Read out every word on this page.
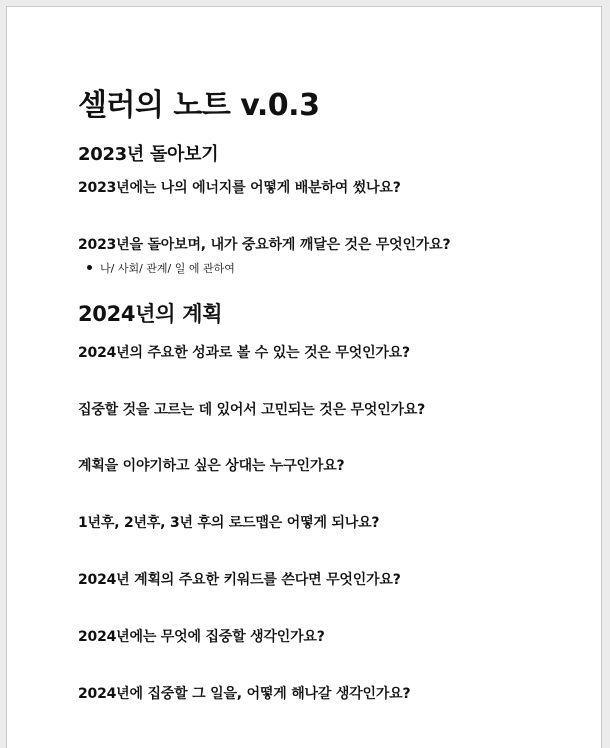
셀러의 노트 v.0.3
2023년 돌아보기

2023년에는 나의 에너지를 어떻게 배분하여 썼나요?

2023년을 돌아보며, 내가 중요하게 깨달은 것은 무엇인가요?

나/ 사회/ 관계/ 일 에 관하여
2024년의 계획

2024년의 주요한 성과로 볼 수 있는 것은 무엇인가요?

집중할 것을 고르는 데 있어서 고민되는 것은 무엇인가요?

계획을 이야기하고 싶은 상대는 누구인가요?

1년후, 2년후, 3년 후의 로드맵은 어떻게 되나요?

2024년 계획의 주요한 키워드를 쓴다면 무엇인가요?

2024년에는 무엇에 집중할 생각인가요?

2024년에 집중할 그 일을, 어떻게 해나갈 생각인가요?
